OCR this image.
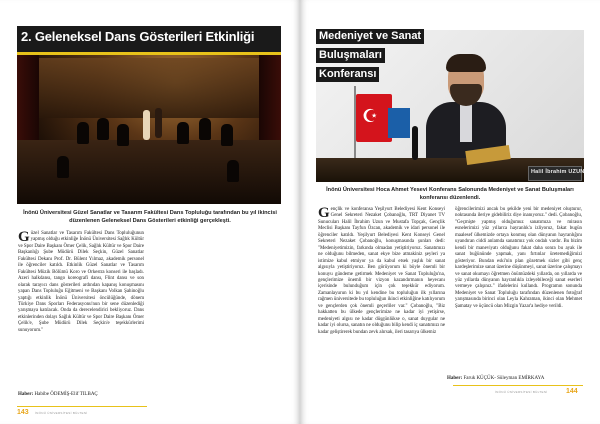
2. Geleneksel Dans Gösterileri Etkinliği
İnönü Üniversitesi Güzel Sanatlar ve Tasarım Fakültesi Dans Topluluğu tarafından bu yıl ikincisi düzenlenen Geleneksel Dans Gösterileri etkinliği gerçekleşti.
Güzel Sanatlar ve Tasarım Fakültesi Dans Topluluğunun yapmış olduğu etkinliğe İnönü Üniversitesi Sağlık Kültür ve Spor Daire Başkanı Ömer Çelik, Sağlık Kültür ve Spor Daire Başkanlığı Şube Müdürü Dilek Seçkin, Güzel Sanatlar Fakültesi Dekanı Prof. Dr. Bülent Yılmaz, akademik personel ile öğrenciler katıldı. Etkinlik Güzel Sanatlar ve Tasarım Fakültesi Müzik Bölümü Koro ve Orkestra konseri ile başladı. Azeri halkdansı, tango koreografi dansı, Flint dansı ve son olarak tarayıcı dans gösterileri ardından kapanış konuşmasını yapan Dans Topluluğu Eğitmeni ve Başkanı Volkan Şahinoğlu yaptığı etkinlik İnönü Üniversitesi öncülüğünde, dönem Türkiye Dans Sporları Federasyonu'nun bir sene düzenlediği yarışmaya katılacak. Onda da derecelendirici bekliyoruz. Dans etkinlerinden dolayı Sağlık Kültür ve Spor Daire Başkanı Ömer Çelik'e, Şube Müdürü Dilek Seçkin'e teşekkürlerimi sunuyorum."
Haber: Habibe ÖDEMİŞ-Elif TILBAÇ
143 İNÖNÜ ÜNİVERSİTESİ BÜLTENİ
☪
Halil İbrahim UZUN
Medeniyet ve Sanat
Buluşmaları
Konferansı
İnönü Üniversitesi Hoca Ahmet Yesevi Konferans Salonunda Medeniyet ve Sanat Buluşmaları konferansı düzenlendi.
Gençlik ve konferansa Yeşilyurt Belediyesi Kent Konseyi Genel Sekreteri Nezaket Çobanoğlu, TRT Diyanet TV Sunucuları Halil İbrahim Uzun ve Mustafa Topçak, Gençlik Meclisi Başkanı Tayfun Özcan, akademik ve idari personel ile öğrenciler katıldı. Yeşilyurt Belediyesi Kent Konseyi Genel Sekreteri Nezaket Çobanoğlu, konuşmasında şunları dedi: "Medeniyetimizin, farkında olmadan yetiştiriyoruz. Sanatımızı ne olduğunu bilmeden, sanat ekye bize atmakiniz şeyleri ya istimize kabul etmiyor ya da kabul etsek yaşlık bir sanat algısıyla yetiştiriyoruz. Ben görüyorum ki böyle önemli bir konuyu gündeme getirmek Medeniyet ve Sanat Topluluğu'na, gençlerimize önemli bir vizyon kazandırmanın heyecanı içerisinde bulunduğum için çok teşekkür ediyorum. Zamanlayurun ki bu yıl kendine bu topluluğun ilk yıllarına rağmen üniversitede bu topluluğun ikinci etkinliğine katılıyorum ve gençlerden çok önemli geçerliler var." Çobanoğlu, "Biz hakkatten bu ülkede gençlerimize ne kadar iyi yetişirse, medeniyeti algısı ne kadar düşgünlükse o, sanat duygular ne kadar iyi olursa, sanatın ne olduğunu bilip kendi iç sanatımızı ne kadar geliştirerek bundan zevk alırsak, ileri tasarıya ülkemiz
öğrencilerimizi ancak bu şekilde yeni bir medeniyet oluşturur, noktasında ileriye gidebiliriz diye inanıyoruz." dedi. Çobanoğlu, "Geçmişte yapmış olduğumuz sanatımıza ve mirasın esnelerimizi yüz yıllarca hayranlık'a izliyoruz, fakat bugün maalesef ülkemizde ortaya konmuş olan dünyanın hayranlığını uyandıran ciddi anlamda sanatımız yok ondalı vardır. Bu bizim kendi bir maneviyatı olduğunu fakat daha sonra bu ayak ile sanat buğününde yapmak, yanı fırtınlar üretemediğimizi gösteriyor. Bundan eski'nin plan gözetmek sizler gibi genç kardeşlerimize sanat üzerine düşünmeyi, sanat üzerine çalışmayı ve sanat okumayı öğretmen önümüzdeki yıllarda, on yıllarda ve yüz yıllarda dünyanın hayranlıkla izleyebileceği sanat eserleri vermeye çalışınız." ifadelerini kullandı. Programın sonunda Medeniyet ve Sanat Topluluğu tarafından düzenlenen fotoğraf yarışmasında birinci olan Leyla Kahraman, ikinci olan Mehmet Şamatay ve üçüncü olan Mizgin Yazar'a hediye verildi.
Haber: Faruk KÜÇÜK- Süleyman EMİRKAYA
İNÖNÜ ÜNİVERSİTESİ BÜLTENİ	144
